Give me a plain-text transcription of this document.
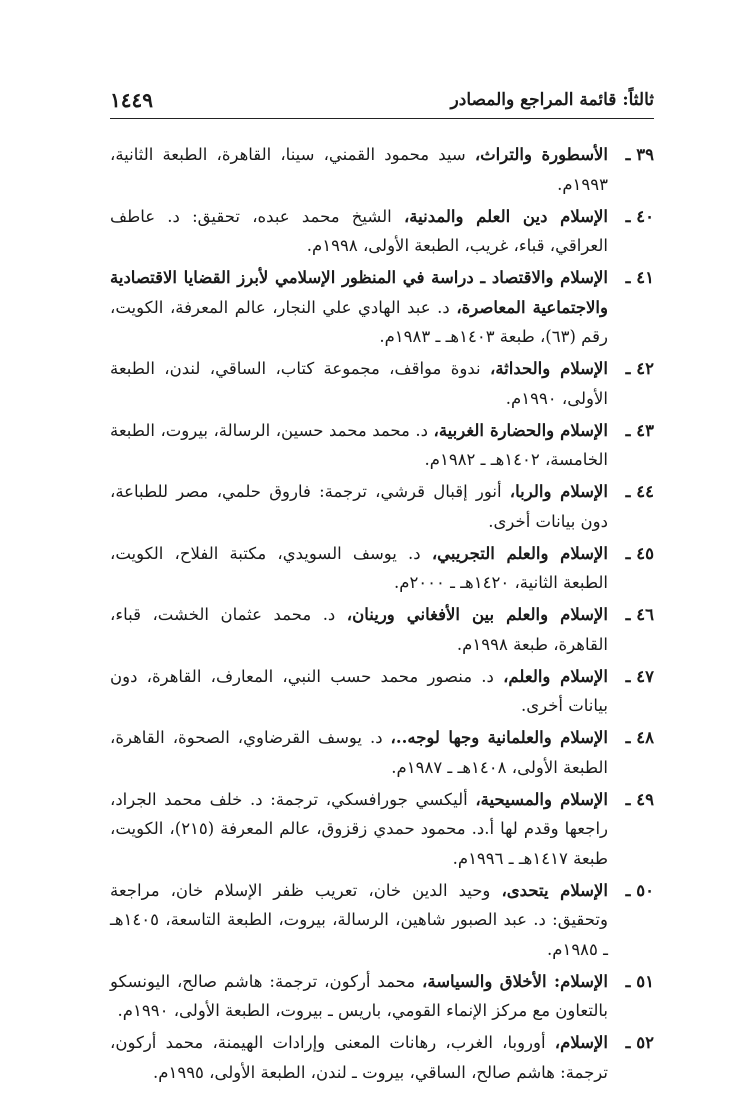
ثالثاً: قائمة المراجع والمصادر
١٤٤٩
٣٩ ـ
الأسطورة والتراث، سيد محمود القمني، سينا، القاهرة، الطبعة الثانية، ١٩٩٣م.
٤٠ ـ
الإسلام دين العلم والمدنية، الشيخ محمد عبده، تحقيق: د. عاطف العراقي، قباء، غريب، الطبعة الأولى، ١٩٩٨م.
٤١ ـ
الإسلام والاقتصاد ـ دراسة في المنظور الإسلامي لأبرز القضايا الاقتصادية والاجتماعية المعاصرة، د. عبد الهادي علي النجار، عالم المعرفة، الكويت، رقم (٦٣)، طبعة ١٤٠٣هـ ـ ١٩٨٣م.
٤٢ ـ
الإسلام والحداثة، ندوة مواقف، مجموعة كتاب، الساقي، لندن، الطبعة الأولى، ١٩٩٠م.
٤٣ ـ
الإسلام والحضارة الغربية، د. محمد محمد حسين، الرسالة، بيروت، الطبعة الخامسة، ١٤٠٢هـ ـ ١٩٨٢م.
٤٤ ـ
الإسلام والربا، أنور إقبال قرشي، ترجمة: فاروق حلمي، مصر للطباعة، دون بيانات أخرى.
٤٥ ـ
الإسلام والعلم التجريبي، د. يوسف السويدي، مكتبة الفلاح، الكويت، الطبعة الثانية، ١٤٢٠هـ ـ ٢٠٠٠م.
٤٦ ـ
الإسلام والعلم بين الأفغاني ورينان، د. محمد عثمان الخشت، قباء، القاهرة، طبعة ١٩٩٨م.
٤٧ ـ
الإسلام والعلم، د. منصور محمد حسب النبي، المعارف، القاهرة، دون بيانات أخرى.
٤٨ ـ
الإسلام والعلمانية وجها لوجه..، د. يوسف القرضاوي، الصحوة، القاهرة، الطبعة الأولى، ١٤٠٨هـ ـ ١٩٨٧م.
٤٩ ـ
الإسلام والمسيحية، أليكسي جورافسكي، ترجمة: د. خلف محمد الجراد، راجعها وقدم لها أ.د. محمود حمدي زقزوق، عالم المعرفة (٢١٥)، الكويت، طبعة ١٤١٧هـ ـ ١٩٩٦م.
٥٠ ـ
الإسلام يتحدى، وحيد الدين خان، تعريب ظفر الإسلام خان، مراجعة وتحقيق: د. عبد الصبور شاهين، الرسالة، بيروت، الطبعة التاسعة، ١٤٠٥هـ ـ ١٩٨٥م.
٥١ ـ
الإسلام: الأخلاق والسياسة، محمد أركون، ترجمة: هاشم صالح، اليونسكو بالتعاون مع مركز الإنماء القومي، باريس ـ بيروت، الطبعة الأولى، ١٩٩٠م.
٥٢ ـ
الإسلام، أوروبا، الغرب، رهانات المعنى وإرادات الهيمنة، محمد أركون، ترجمة: هاشم صالح، الساقي، بيروت ـ لندن، الطبعة الأولى، ١٩٩٥م.
